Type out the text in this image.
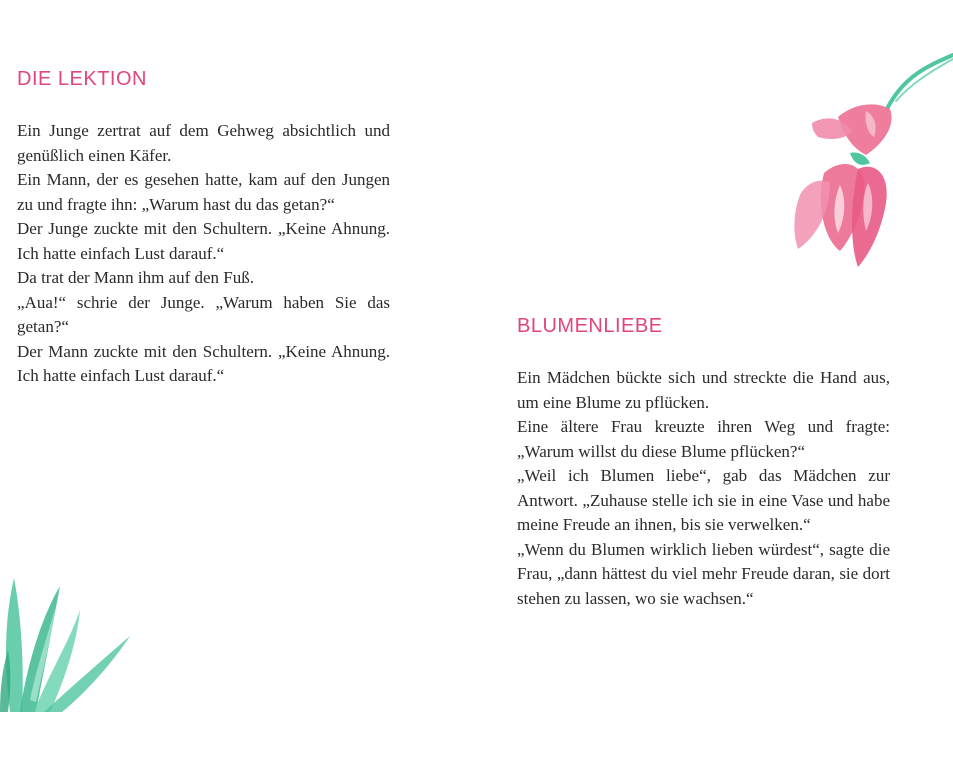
DIE LEKTION

Ein Junge zertrat auf dem Gehweg absichtlich und genüßlich einen Käfer.

Ein Mann, der es gesehen hatte, kam auf den Jungen zu und fragte ihn: „Warum hast du das getan?“

Der Junge zuckte mit den Schultern. „Keine Ahnung. Ich hatte einfach Lust darauf.“

Da trat der Mann ihm auf den Fuß.

„Aua!“ schrie der Junge. „Warum haben Sie das getan?“

Der Mann zuckte mit den Schultern. „Keine Ahnung. Ich hatte einfach Lust darauf.“

BLUMENLIEBE

Ein Mädchen bückte sich und streckte die Hand aus, um eine Blume zu pflücken.

Eine ältere Frau kreuzte ihren Weg und fragte: „Warum willst du diese Blume pflücken?“

„Weil ich Blumen liebe“, gab das Mädchen zur Antwort. „Zuhause stelle ich sie in eine Vase und habe meine Freude an ihnen, bis sie verwelken.“

„Wenn du Blumen wirklich lieben würdest“, sagte die Frau, „dann hättest du viel mehr Freude daran, sie dort stehen zu lassen, wo sie wachsen.“
